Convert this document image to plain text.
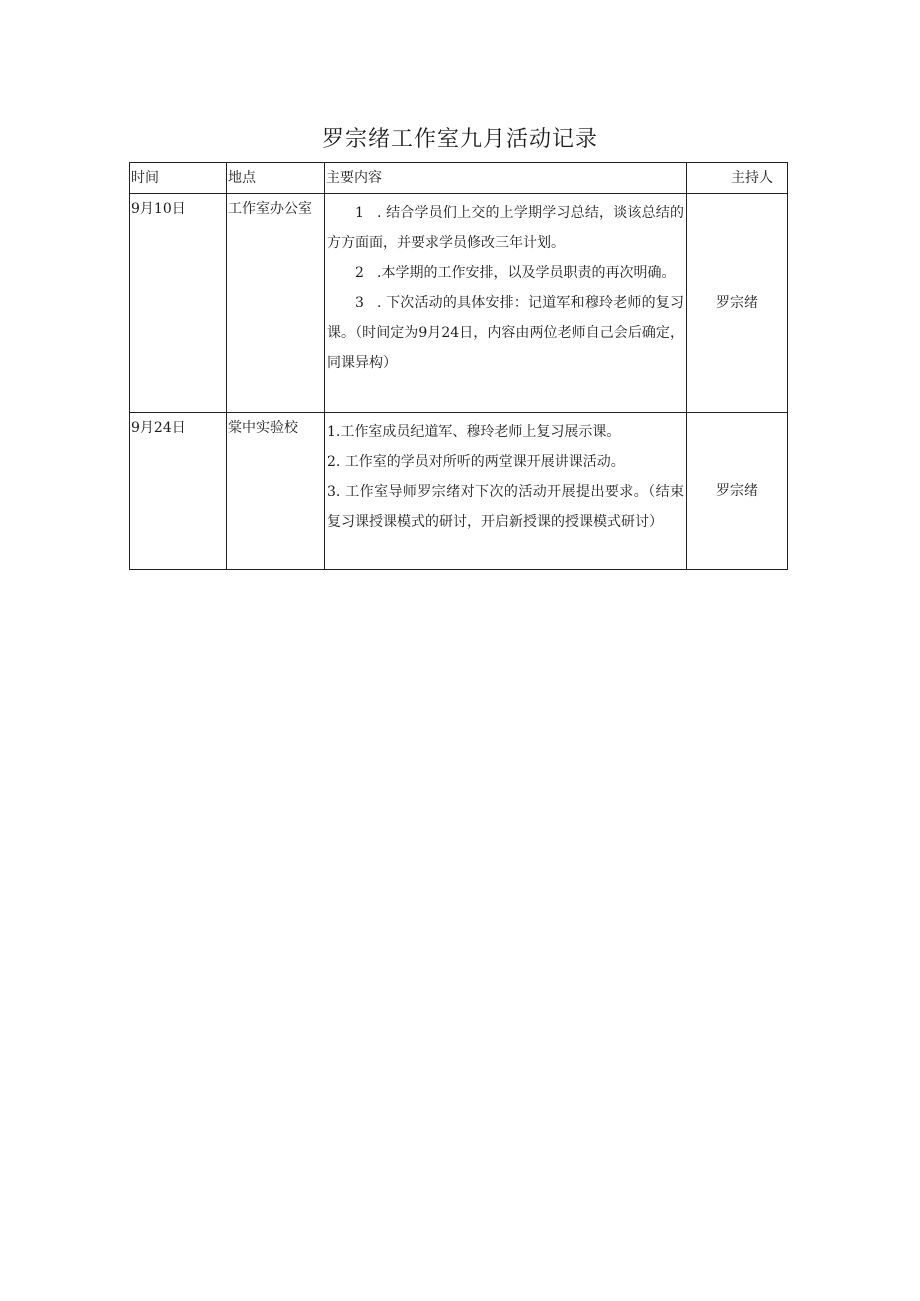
罗宗绪工作室九月活动记录
时间	地点	主要内容	主持人

9月10日	工作室办公室	1 . 结合学员们上交的上学期学习总结，谈该总结的方方面面，并要求学员修改三年计划。

2 .本学期的工作安排，以及学员职责的再次明确。

3 . 下次活动的具体安排：记道军和穆玲老师的复习课。（时间定为9月24日，内容由两位老师自己会后确定，同课异构）	罗宗绪

9月24日	棠中实验校	1.工作室成员纪道军、穆玲老师上复习展示课。

2. 工作室的学员对所听的两堂课开展讲课活动。

3. 工作室导师罗宗绪对下次的活动开展提出要求。（结束复习课授课模式的研讨，开启新授课的授课模式研讨）	罗宗绪
